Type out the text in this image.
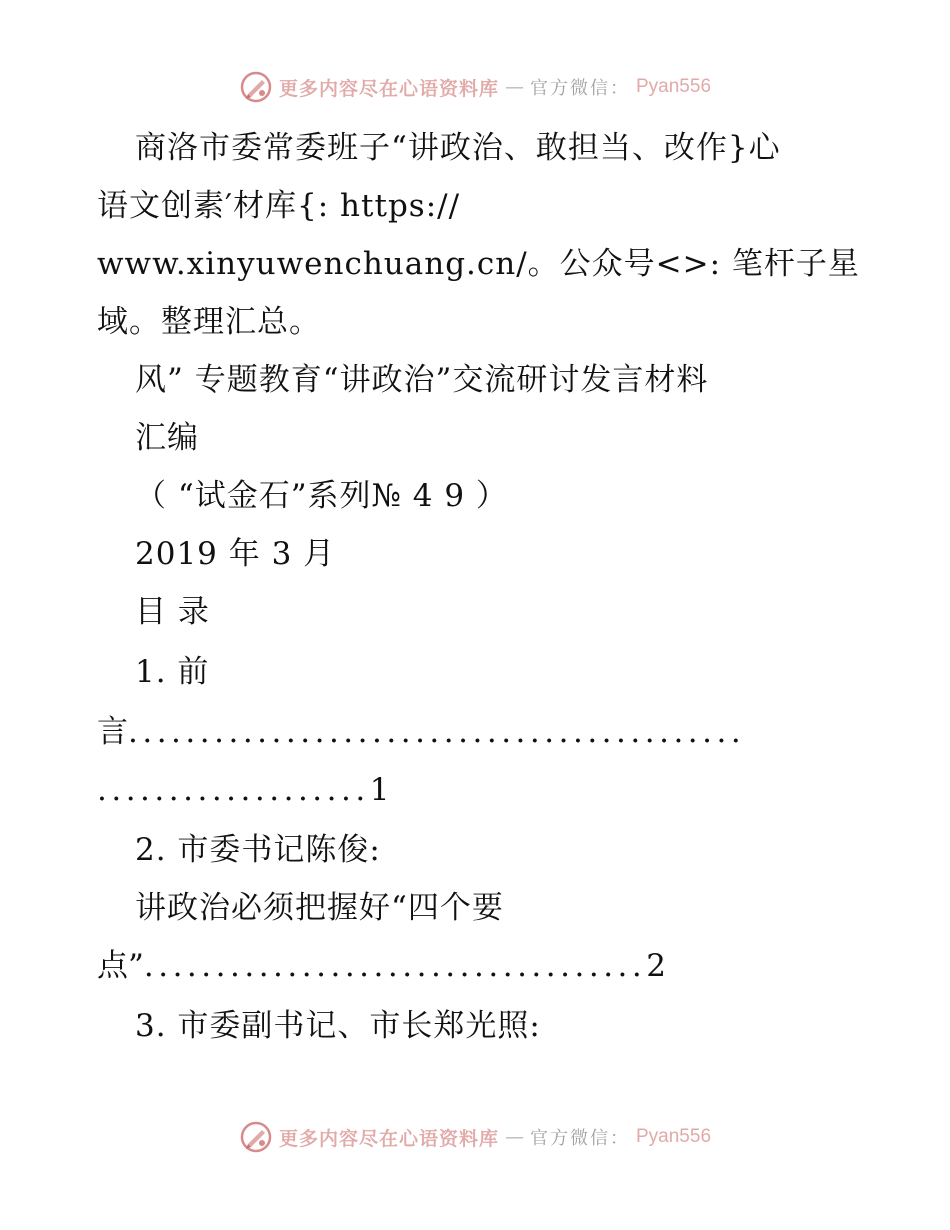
更多内容尽在心语资料库 — 官方微信： Pyan556
商洛市委常委班子“讲政治、敢担当、改作}心
语文创素′材库{: https://
www.xinyuwenchuang.cn/。公众号<>: 笔杆子星
域。整理汇总。
风” 专题教育“讲政治”交流研讨发言材料
汇编
（ “试金石”系列№ 4 9 ）
2019 年 3 月
目 录
1. 前
言...........................................
...................1
2. 市委书记陈俊:
讲政治必须把握好“四个要
点”...................................2
3. 市委副书记、市长郑光照:
更多内容尽在心语资料库 — 官方微信： Pyan556
